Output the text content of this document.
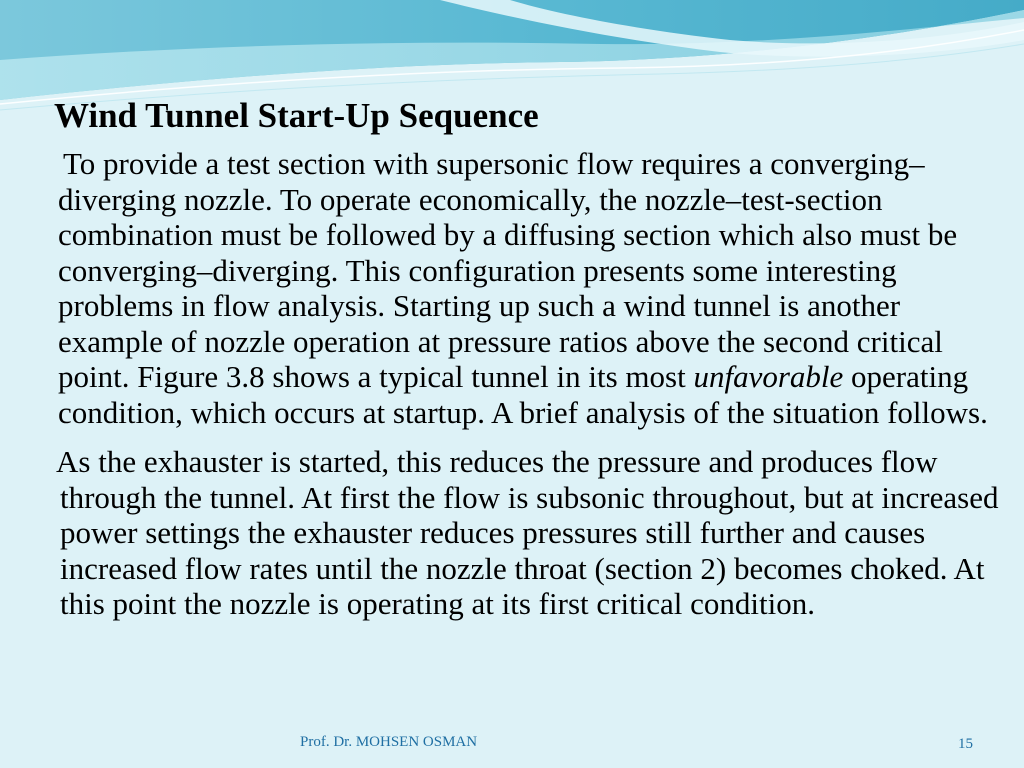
Wind Tunnel Start-Up Sequence

To provide a test section with supersonic flow requires a converging–diverging nozzle. To operate economically, the nozzle–test-section combination must be followed by a diffusing section which also must be converging–diverging. This configuration presents some interesting problems in flow analysis. Starting up such a wind tunnel is another example of nozzle operation at pressure ratios above the second critical point. Figure 3.8 shows a typical tunnel in its most unfavorable operating condition, which occurs at startup. A brief analysis of the situation follows.

As the exhauster is started, this reduces the pressure and produces flow through the tunnel. At first the flow is subsonic throughout, but at increased power settings the exhauster reduces pressures still further and causes increased flow rates until the nozzle throat (section 2) becomes choked. At this point the nozzle is operating at its first critical condition.

Prof. Dr. MOHSEN OSMAN	15
